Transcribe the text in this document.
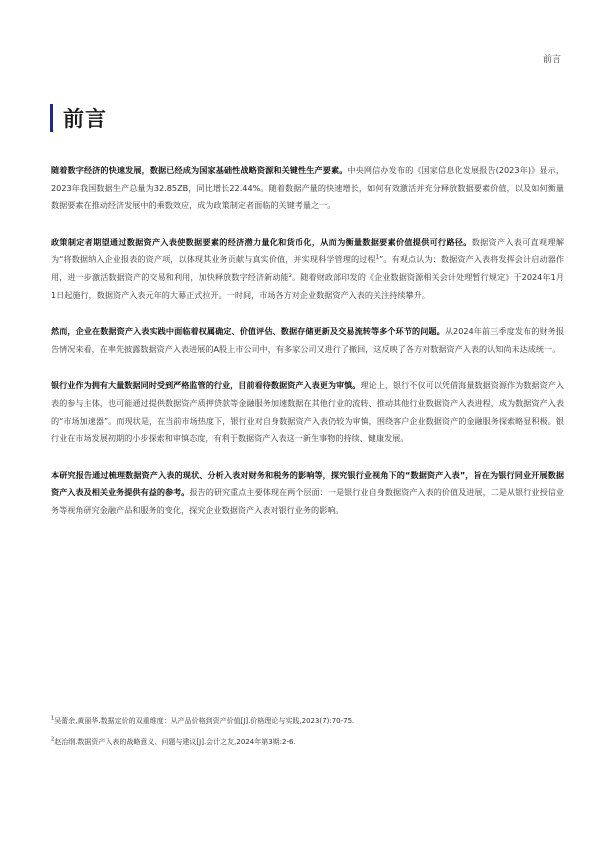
前言
前言

随着数字经济的快速发展，数据已经成为国家基础性战略资源和关键性生产要素。中央网信办发布的《国家信息化发展报告(2023年)》显示，2023年我国数据生产总量为32.85ZB，同比增长22.44%。随着数据产量的快速增长，如何有效激活并充分释放数据要素价值，以及如何衡量数据要素在推动经济发展中的乘数效应，成为政策制定者面临的关键考量之一。

政策制定者期望通过数据资产入表使数据要素的经济潜力量化和货币化，从而为衡量数据要素价值提供可行路径。数据资产入表可直观理解为“将数据纳入企业报表的资产项，以体现其业务贡献与真实价值，并实现科学管理的过程$^1$”。有观点认为：数据资产入表将发挥会计启动器作用，进一步激活数据资产的交易和利用，加快释放数字经济新动能²。随着财政部印发的《企业数据资源相关会计处理暂行规定》于2024年1月1日起施行，数据资产入表元年的大幕正式拉开。一时间，市场各方对企业数据资产入表的关注持续攀升。

然而，企业在数据资产入表实践中面临着权属确定、价值评估、数据存储更新及交易流转等多个环节的问题。从2024年前三季度发布的财务报告情况来看，在率先披露数据资产入表进展的A股上市公司中，有多家公司又进行了撤回，这反映了各方对数据资产入表的认知尚未达成统一。

银行业作为拥有大量数据同时受到严格监管的行业，目前看待数据资产入表更为审慎。理论上，银行不仅可以凭借海量数据资源作为数据资产入表的参与主体，也可能通过提供数据资产质押贷款等金融服务加速数据在其他行业的流转、推动其他行业数据资产入表进程，成为数据资产入表的“市场加速器”。而现状是，在当前市场热度下，银行业对自身数据资产入表仍较为审慎，围绕客户企业数据资产的金融服务探索略显积极。银行业在市场发展初期的小步探索和审慎态度，有利于数据资产入表这一新生事物的持续、健康发展。

本研究报告通过梳理数据资产入表的现状、分析入表对财务和税务的影响等，探究银行业视角下的“数据资产入表”，旨在为银行同业开展数据资产入表及相关业务提供有益的参考。报告的研究重点主要体现在两个层面：一是银行业自身数据资产入表的价值及进展，二是从银行业授信业务等视角研究金融产品和服务的变化，探究企业数据资产入表对银行业务的影响。

$^1$吴蕾余,黄丽华.数据定价的双重维度：从产品价格到资产价值[J].价格理论与实践,2023(7):70-75.
$^2$赵治纲.数据资产入表的战略意义、问题与建议[J].会计之友,2024年第3期:2-6.
